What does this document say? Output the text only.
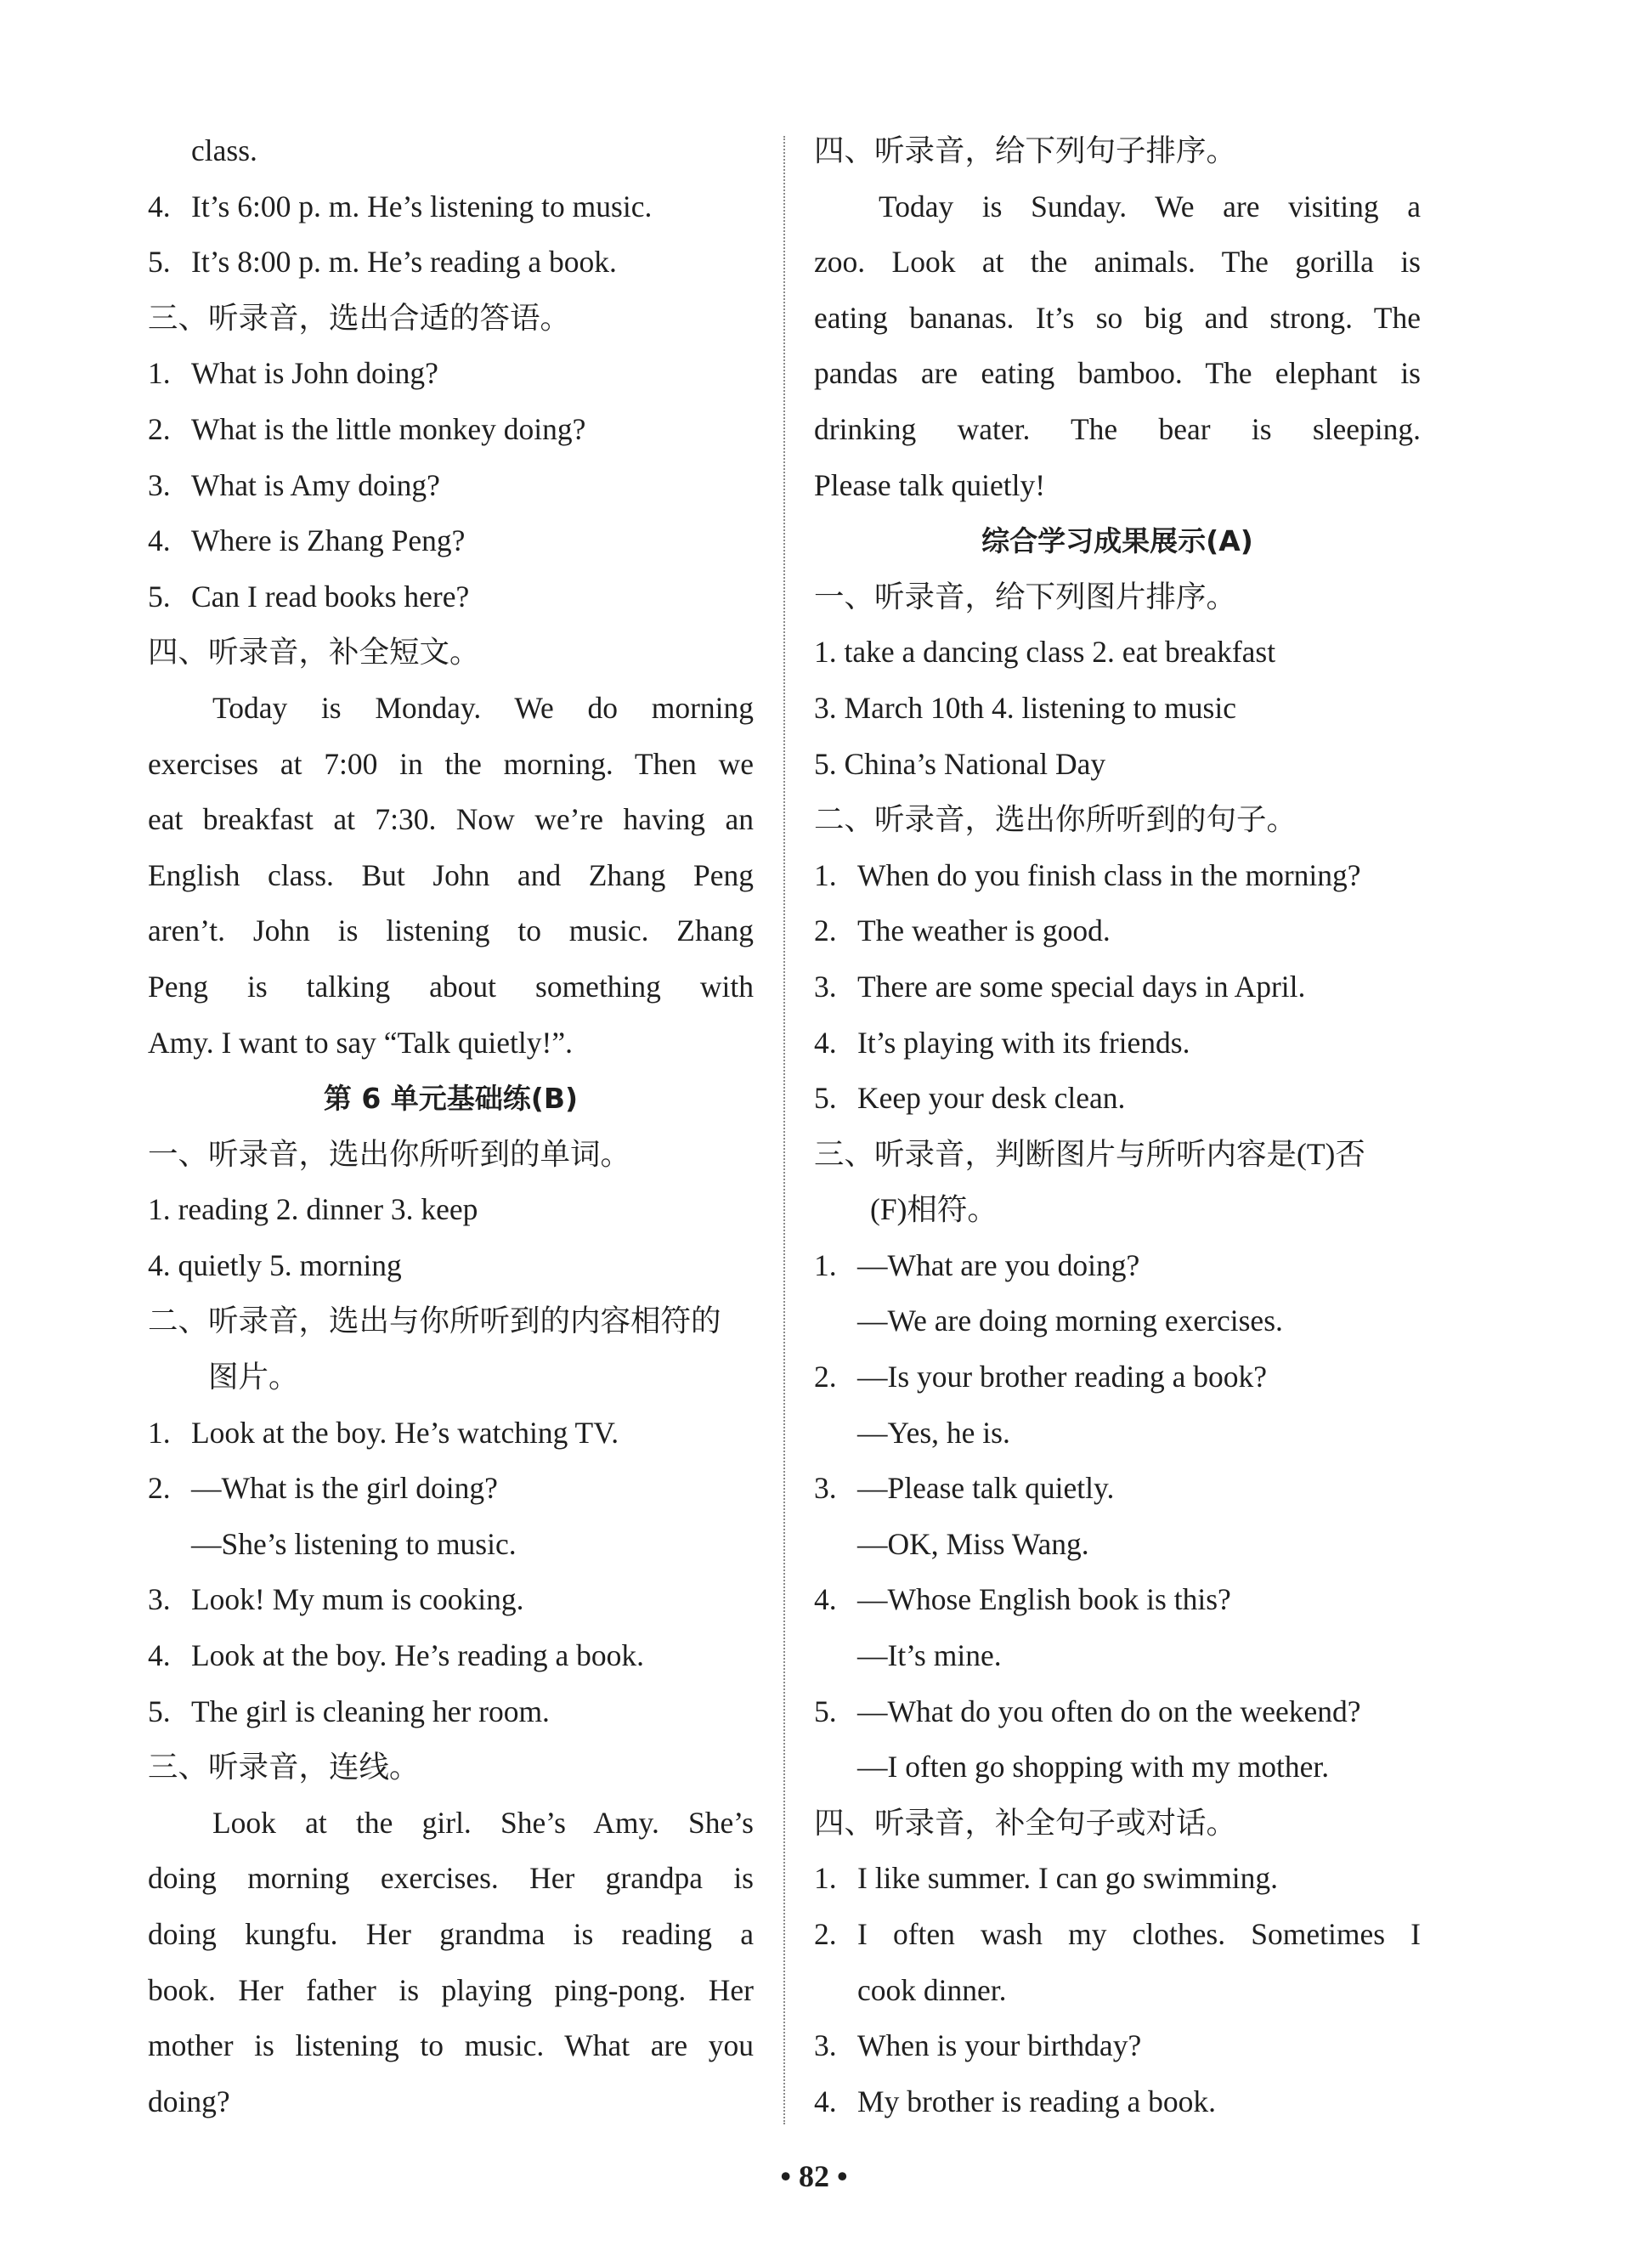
class.
4. It’s 6:00 p. m. He’s listening to music.
5. It’s 8:00 p. m. He’s reading a book.
三、听录音，选出合适的答语。
1. What is John doing?
2. What is the little monkey doing?
3. What is Amy doing?
4. Where is Zhang Peng?
5. Can I read books here?
四、听录音，补全短文。
Today is Monday. We do morning
exercises at 7:00 in the morning. Then we
eat breakfast at 7:30. Now we’re having an
English class. But John and Zhang Peng
aren’t. John is listening to music. Zhang
Peng is talking about something with
Amy. I want to say “Talk quietly!”.
第 6 单元基础练(B)
一、听录音，选出你所听到的单词。
1. reading 2. dinner 3. keep
4. quietly 5. morning
二、听录音，选出与你所听到的内容相符的
图片。
1. Look at the boy. He’s watching TV.
2. —What is the girl doing?
—She’s listening to music.
3. Look! My mum is cooking.
4. Look at the boy. He’s reading a book.
5. The girl is cleaning her room.
三、听录音，连线。
Look at the girl. She’s Amy. She’s
doing morning exercises. Her grandpa is
doing kungfu. Her grandma is reading a
book. Her father is playing ping-pong. Her
mother is listening to music. What are you
doing?
四、听录音，给下列句子排序。
Today is Sunday. We are visiting a
zoo. Look at the animals. The gorilla is
eating bananas. It’s so big and strong. The
pandas are eating bamboo. The elephant is
drinking water. The bear is sleeping.
Please talk quietly!
综合学习成果展示(A)
一、听录音，给下列图片排序。
1. take a dancing class 2. eat breakfast
3. March 10th 4. listening to music
5. China’s National Day
二、听录音，选出你所听到的句子。
1. When do you finish class in the morning?
2. The weather is good.
3. There are some special days in April.
4. It’s playing with its friends.
5. Keep your desk clean.
三、听录音，判断图片与所听内容是(T)否
(F)相符。
1. —What are you doing?
—We are doing morning exercises.
2. —Is your brother reading a book?
—Yes, he is.
3. —Please talk quietly.
—OK, Miss Wang.
4. —Whose English book is this?
—It’s mine.
5. —What do you often do on the weekend?
—I often go shopping with my mother.
四、听录音，补全句子或对话。
1. I like summer. I can go swimming.
2. I often wash my clothes. Sometimes I
cook dinner.
3. When is your birthday?
4. My brother is reading a book.
• 82 •
